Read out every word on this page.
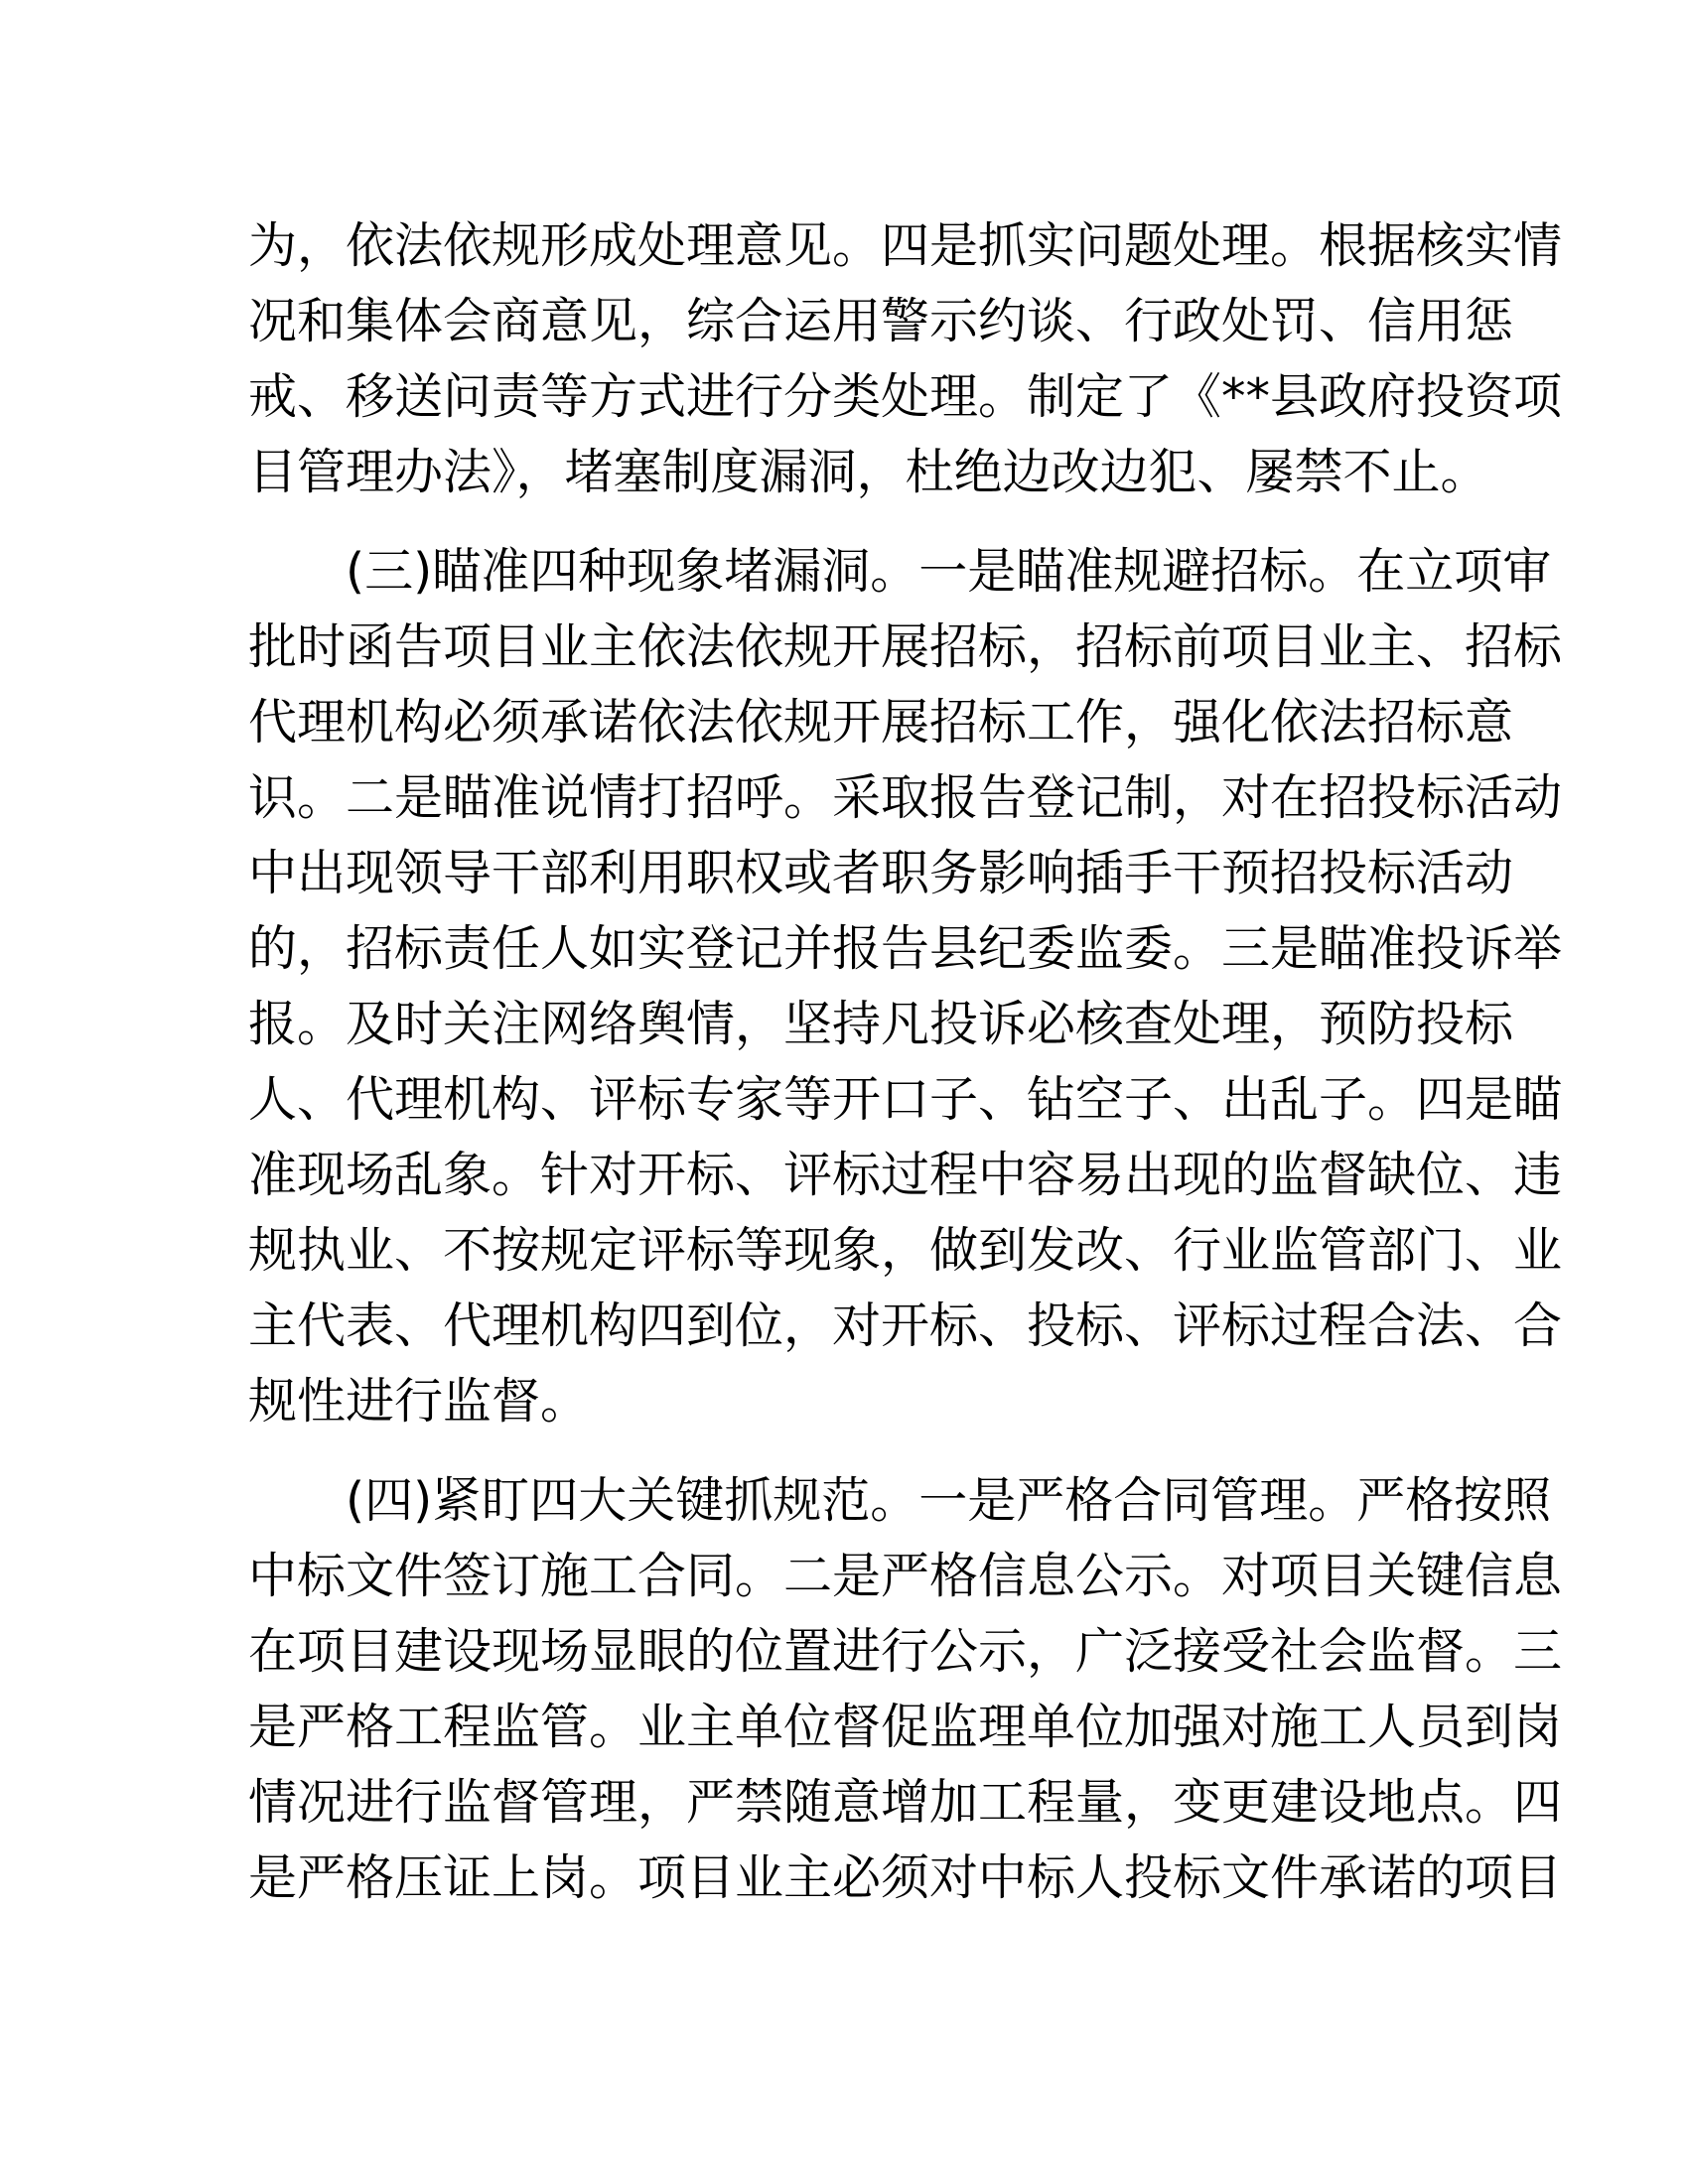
为，依法依规形成处理意见。四是抓实问题处理。根据核实情
况和集体会商意见，综合运用警示约谈、行政处罚、信用惩
戒、移送问责等方式进行分类处理。制定了《**县政府投资项
目管理办法》，堵塞制度漏洞，杜绝边改边犯、屡禁不止。
(三)瞄准四种现象堵漏洞。一是瞄准规避招标。在立项审
批时函告项目业主依法依规开展招标，招标前项目业主、招标
代理机构必须承诺依法依规开展招标工作，强化依法招标意
识。二是瞄准说情打招呼。采取报告登记制，对在招投标活动
中出现领导干部利用职权或者职务影响插手干预招投标活动
的，招标责任人如实登记并报告县纪委监委。三是瞄准投诉举
报。及时关注网络舆情，坚持凡投诉必核查处理，预防投标
人、代理机构、评标专家等开口子、钻空子、出乱子。四是瞄
准现场乱象。针对开标、评标过程中容易出现的监督缺位、违
规执业、不按规定评标等现象，做到发改、行业监管部门、业
主代表、代理机构四到位，对开标、投标、评标过程合法、合
规性进行监督。
(四)紧盯四大关键抓规范。一是严格合同管理。严格按照
中标文件签订施工合同。二是严格信息公示。对项目关键信息
在项目建设现场显眼的位置进行公示，广泛接受社会监督。三
是严格工程监管。业主单位督促监理单位加强对施工人员到岗
情况进行监督管理，严禁随意增加工程量，变更建设地点。四
是严格压证上岗。项目业主必须对中标人投标文件承诺的项目
